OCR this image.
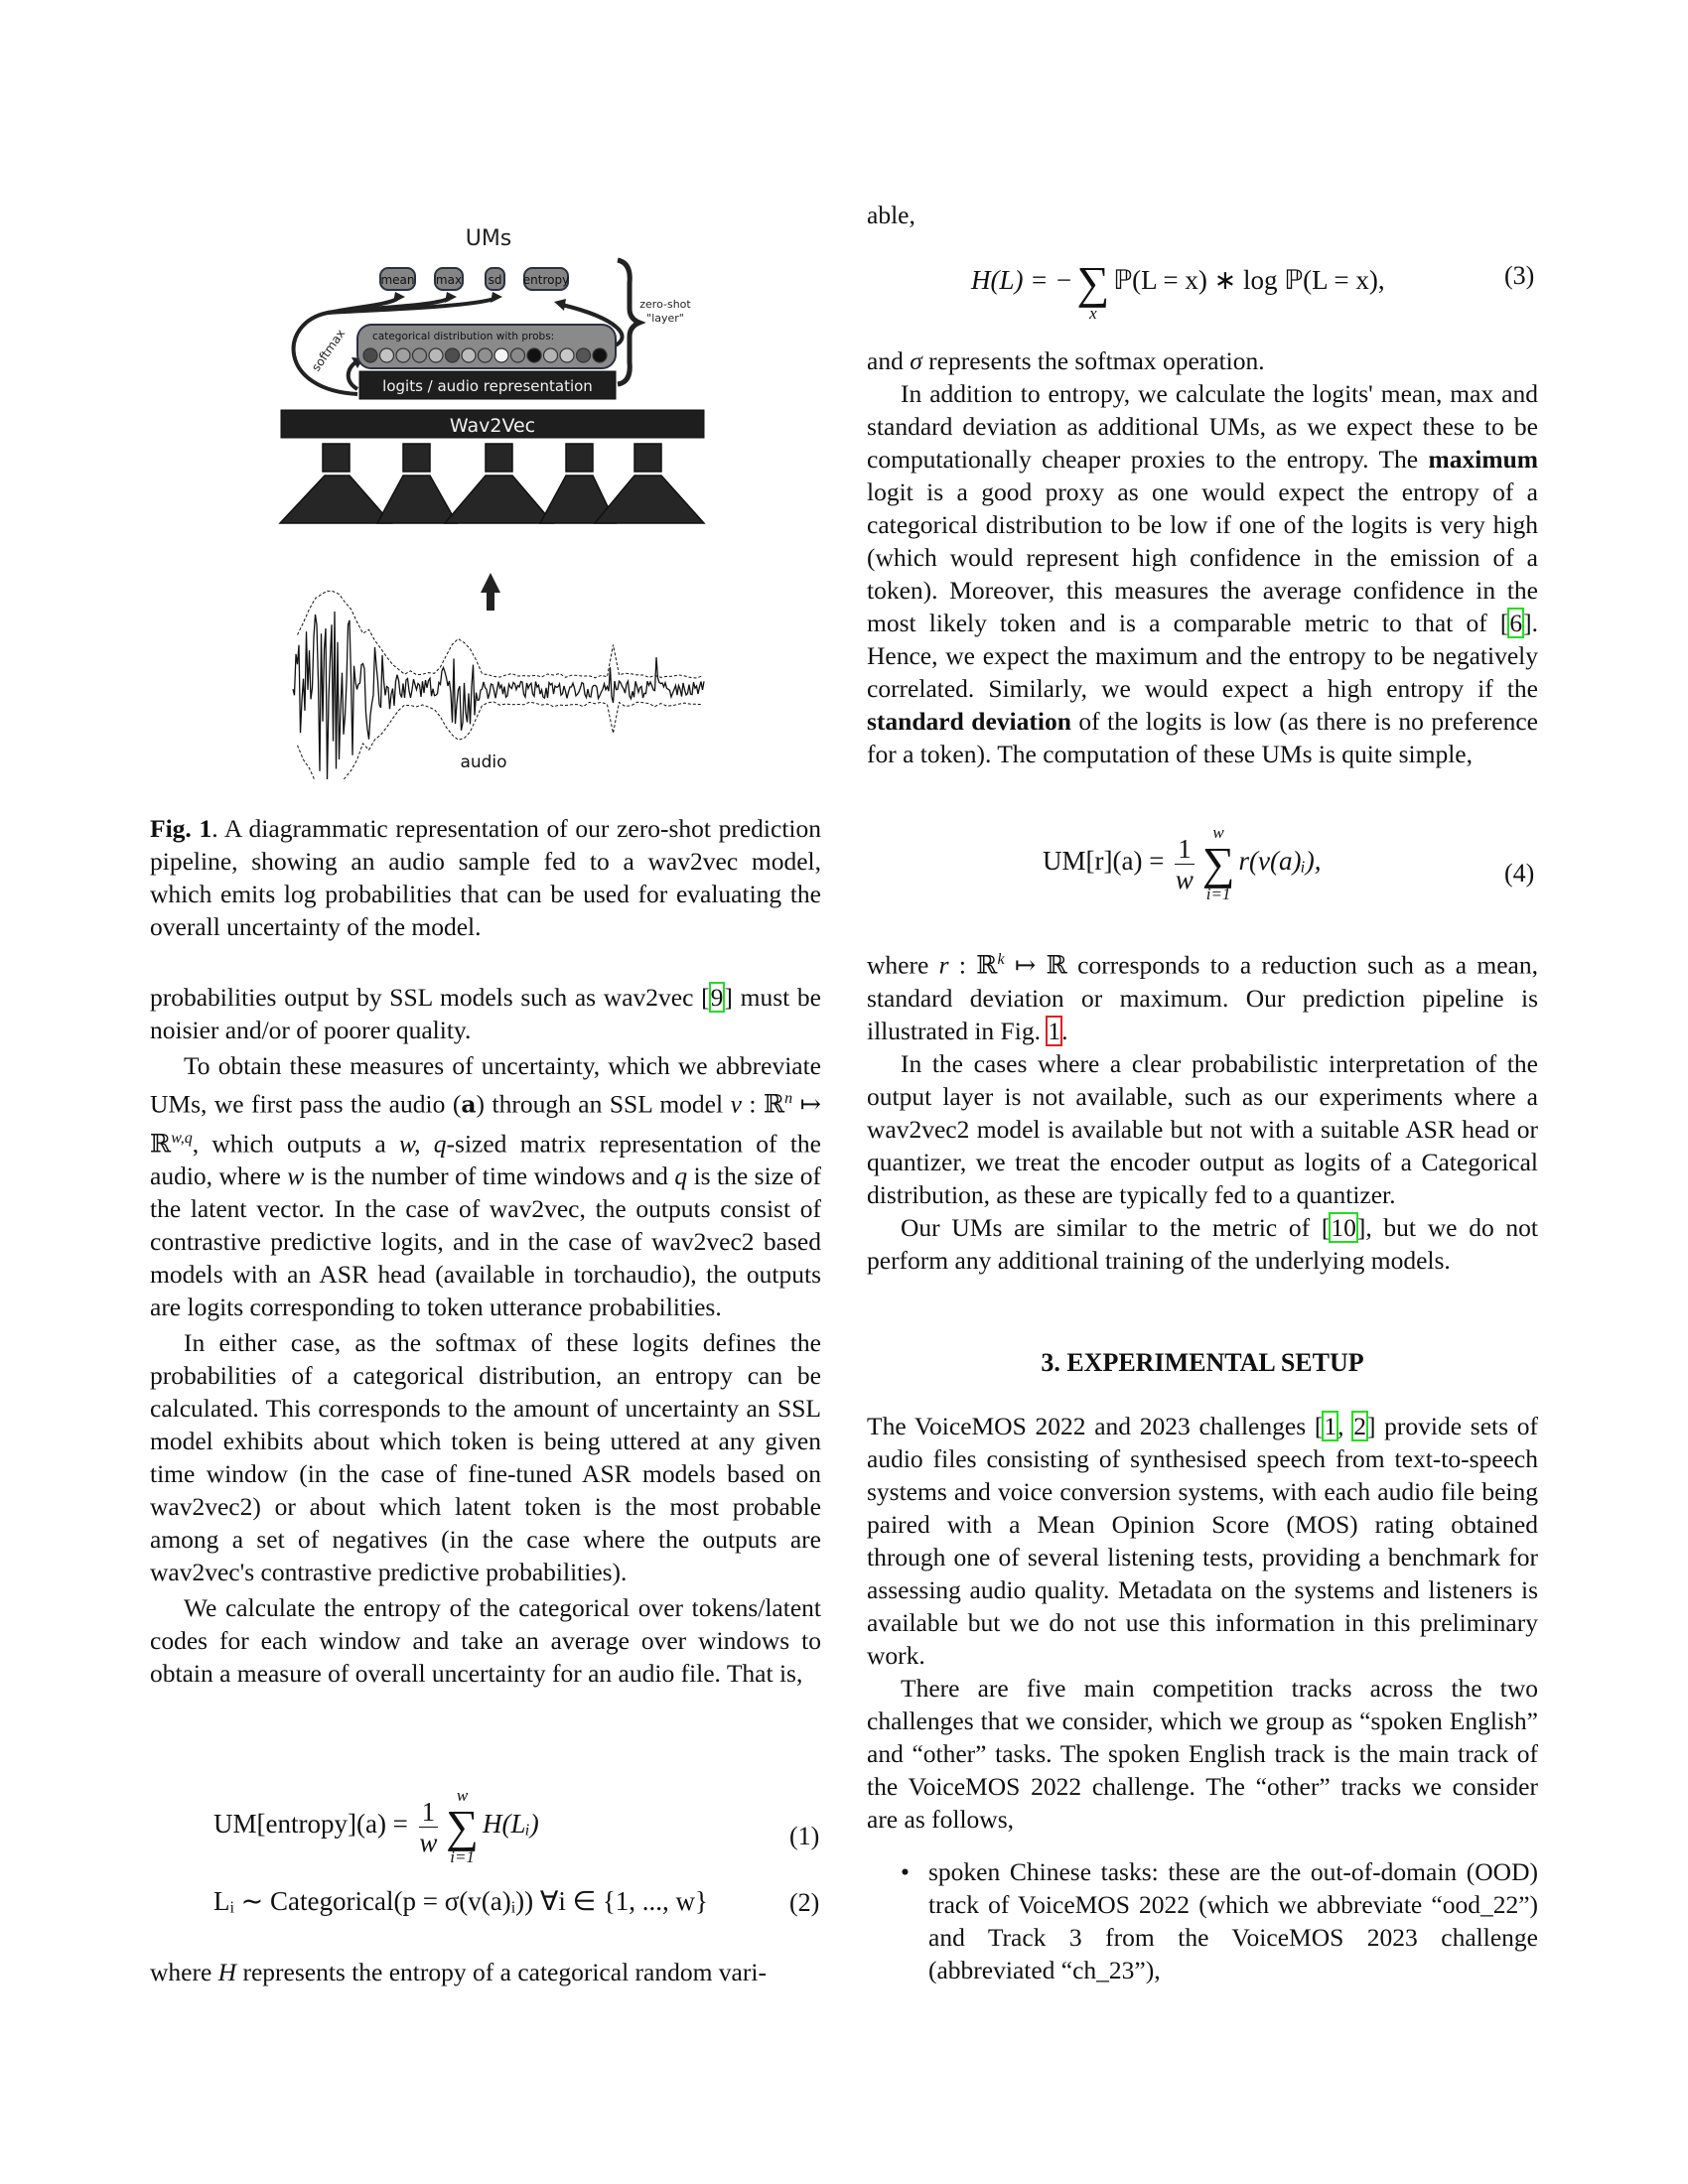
UMs
mean max sd entropy
zero-shot
"layer"
softmax categorical distribution with probs:
logits / audio representation
Wav2Vec
audio
Fig. 1. A diagrammatic representation of our zero-shot prediction pipeline, showing an audio sample fed to a wav2vec model, which emits log probabilities that can be used for evaluating the overall uncertainty of the model.

probabilities output by SSL models such as wav2vec [9] must be noisier and/or of poorer quality.

To obtain these measures of uncertainty, which we abbreviate UMs, we first pass the audio (a) through an SSL model v : ℝ$^n$ ↦ ℝ$^{w,q}$, which outputs a w, q-sized matrix representation of the audio, where w is the number of time windows and q is the size of the latent vector. In the case of wav2vec, the outputs consist of contrastive predictive logits, and in the case of wav2vec2 based models with an ASR head (available in torchaudio), the outputs are logits corresponding to token utterance probabilities.

In either case, as the softmax of these logits defines the probabilities of a categorical distribution, an entropy can be calculated. This corresponds to the amount of uncertainty an SSL model exhibits about which token is being uttered at any given time window (in the case of fine-tuned ASR models based on wav2vec2) or about which latent token is the most probable among a set of negatives (in the case where the outputs are wav2vec's contrastive predictive probabilities).

We calculate the entropy of the categorical over tokens/latent codes for each window and take an average over windows to obtain a measure of overall uncertainty for an audio file. That is,

UM[entropy](a) = $\frac{1}{w}$
w
∑
i=1
H(Lᵢ)	(1)
Lᵢ ∼ Categorical(p = σ(v(a)ᵢ)) ∀i ∈ {1, ..., w}	(2)

where H represents the entropy of a categorical random vari-

able,

H(L) = −
∑
x
ℙ(L = x) ∗ log ℙ(L = x),	(3)

and σ represents the softmax operation.

In addition to entropy, we calculate the logits' mean, max and standard deviation as additional UMs, as we expect these to be computationally cheaper proxies to the entropy. The maximum logit is a good proxy as one would expect the entropy of a categorical distribution to be low if one of the logits is very high (which would represent high confidence in the emission of a token). Moreover, this measures the average confidence in the most likely token and is a comparable metric to that of [6]. Hence, we expect the maximum and the entropy to be negatively correlated. Similarly, we would expect a high entropy if the standard deviation of the logits is low (as there is no preference for a token). The computation of these UMs is quite simple,

$UM[r](a) = \frac{1}{w}$
w
∑
i=1
r(v(a)ᵢ),	(4)

where r : ℝ$^k$ ↦ ℝ corresponds to a reduction such as a mean, standard deviation or maximum. Our prediction pipeline is illustrated in Fig. 1.

In the cases where a clear probabilistic interpretation of the output layer is not available, such as our experiments where a wav2vec2 model is available but not with a suitable ASR head or quantizer, we treat the encoder output as logits of a Categorical distribution, as these are typically fed to a quantizer.

Our UMs are similar to the metric of [10], but we do not perform any additional training of the underlying models.

3. EXPERIMENTAL SETUP

The VoiceMOS 2022 and 2023 challenges [1, 2] provide sets of audio files consisting of synthesised speech from text-to-speech systems and voice conversion systems, with each audio file being paired with a Mean Opinion Score (MOS) rating obtained through one of several listening tests, providing a benchmark for assessing audio quality. Metadata on the systems and listeners is available but we do not use this information in this preliminary work.

There are five main competition tracks across the two challenges that we consider, which we group as “spoken English” and “other” tasks. The spoken English track is the main track of the VoiceMOS 2022 challenge. The “other” tracks we consider are as follows,

• spoken Chinese tasks: these are the out-of-domain (OOD) track of VoiceMOS 2022 (which we abbreviate “ood_22”) and Track 3 from the VoiceMOS 2023 challenge (abbreviated “ch_23”),
